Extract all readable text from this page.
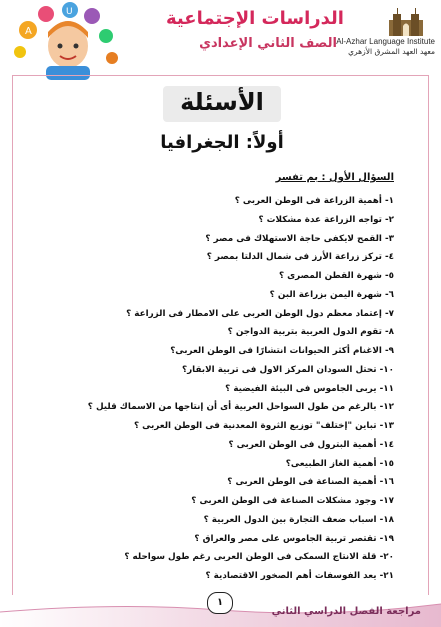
A
U	الدراسات الإجتماعية
الصف الثاني الإعدادي Al-Azhar Language Institute
معهد العهد المشرق الأزهري
الأسئلة
أولاً: الجغرافيا
السؤال الأول : بم تفسر
١- أهمية الزراعة فى الوطن العربى ؟
٢- تواجه الزراعة عدة مشكلات ؟
٣- القمح لايكفى حاجة الاستهلاك فى مصر ؟
٤- تركز زراعة الأرز فى شمال الدلتا بمصر ؟
٥- شهرة القطن المصرى ؟
٦- شهرة اليمن بزراعة البن ؟
٧- إعتماد معظم دول الوطن العربى على الامطار فى الزراعة ؟
٨- تقوم الدول العربية بتربية الدواجن ؟
٩- الاغنام أكثر الحيوانات انتشارًا فى الوطن العربى؟
١٠- تحتل السودان المركز الاول فى تربية الابقار؟
١١- يربى الجاموس فى البيئة الفيضية ؟
١٢- بالرغم من طول السواحل العربية أى أن إنتاجها من الاسماك قليل ؟
١٣- تباين "إختلف" توزيع الثروة المعدنية فى الوطن العربى ؟
١٤- أهمية البترول فى الوطن العربى ؟
١٥- أهمية الغاز الطبيعى؟
١٦- أهمية الصناعة فى الوطن العربى ؟
١٧- وجود مشكلات الصناعة فى الوطن العربى ؟
١٨- اسباب ضعف التجارة بين الدول العربية ؟
١٩- تقتصر تربية الجاموس على مصر والعراق ؟
٢٠- قلة الانتاج السمكى فى الوطن العربى رغم طول سواحله ؟
٢١- يعد الفوسفات أهم الصخور الاقتصادية ؟
١
مراجعة الفصل الدراسي الثاني
